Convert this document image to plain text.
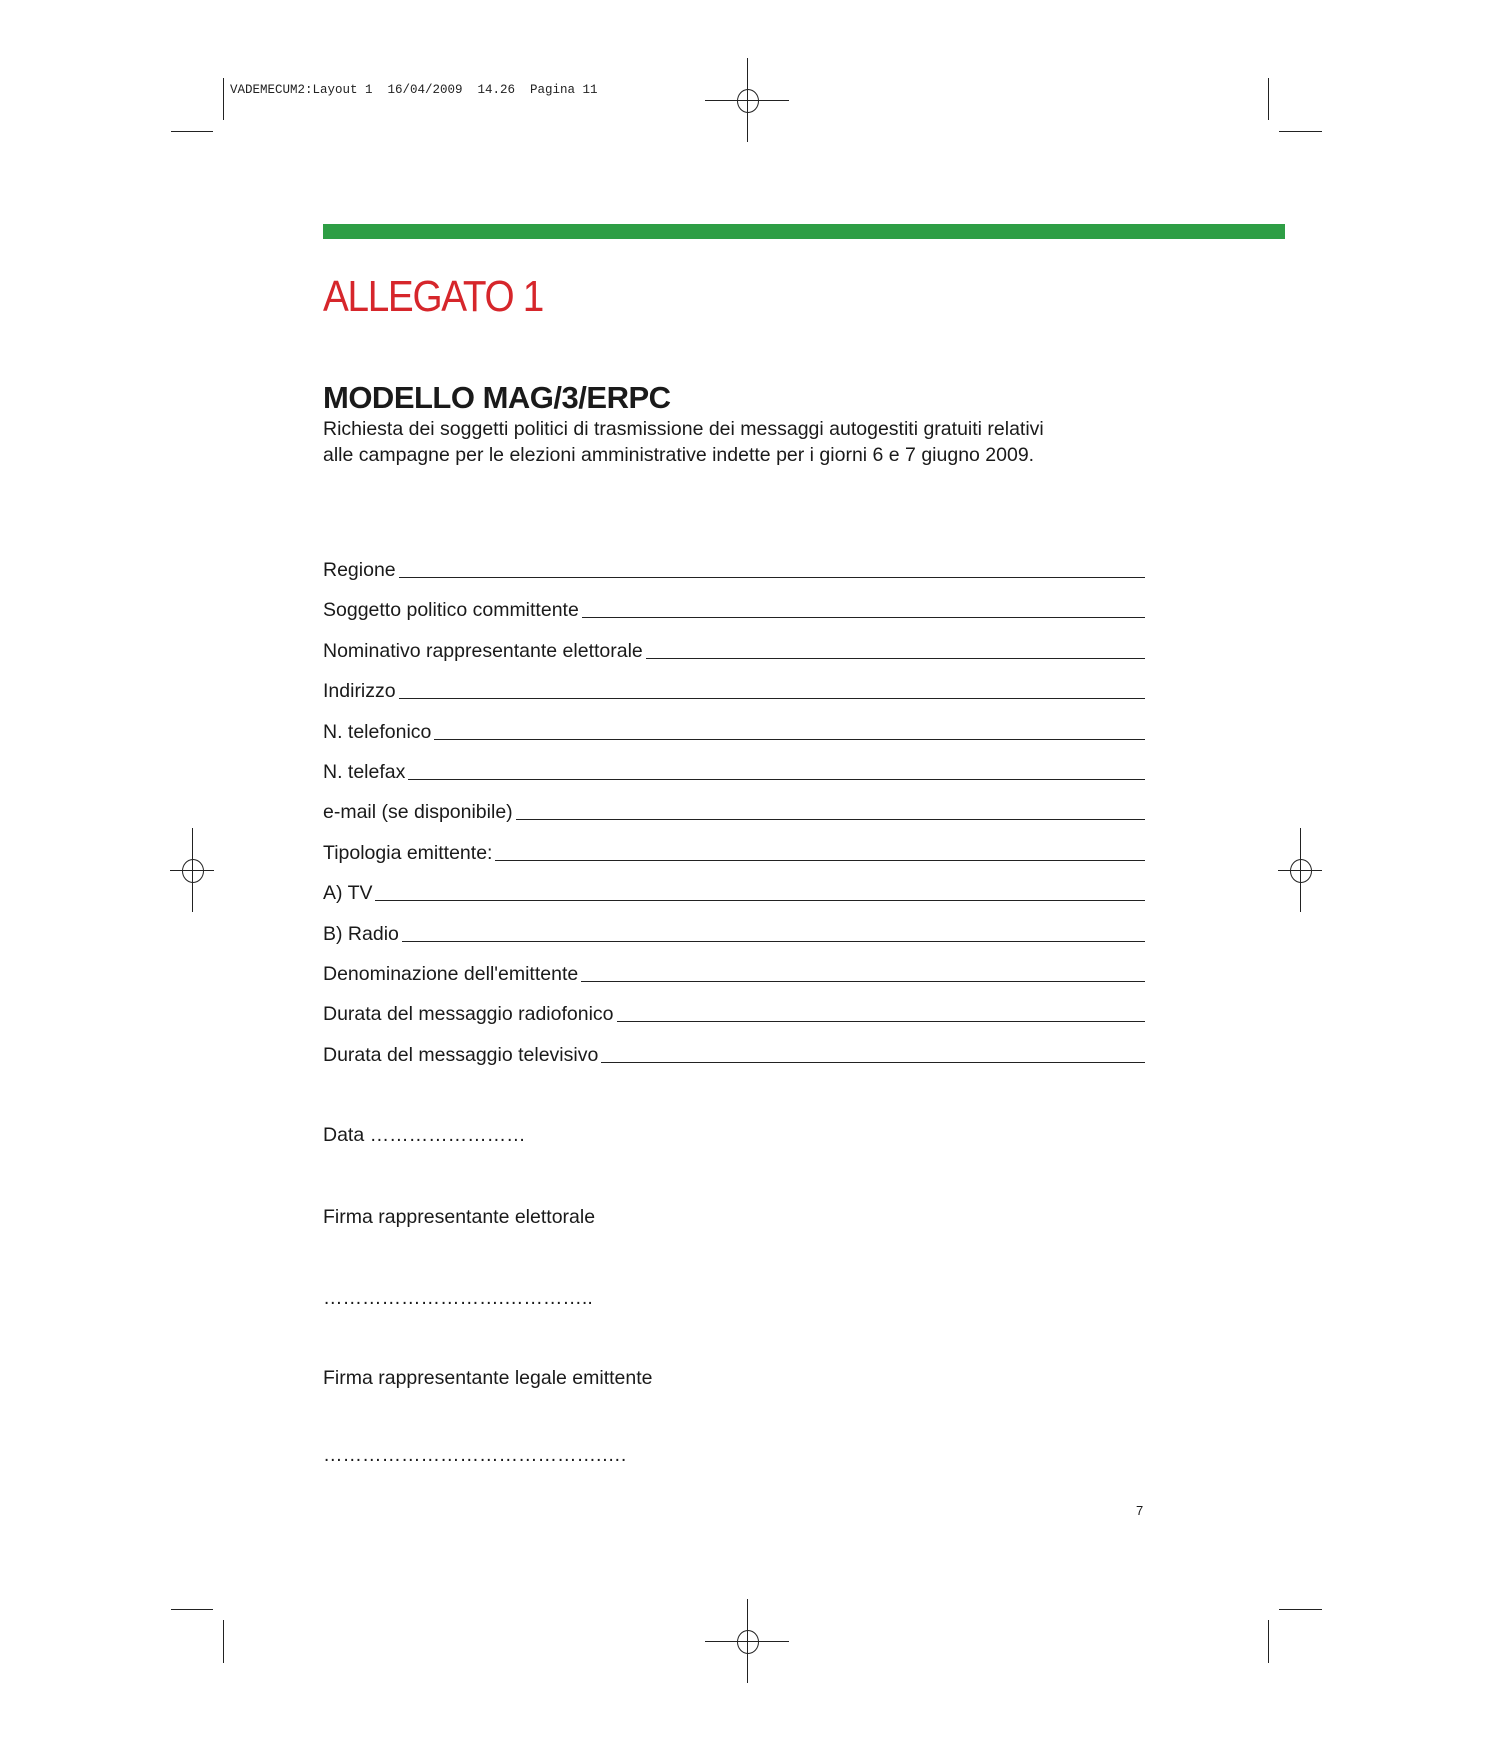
VADEMECUM2:Layout 1  16/04/2009  14.26  Pagina 11
ALLEGATO 1
MODELLO MAG/3/ERPC
Richiesta dei soggetti politici di trasmissione dei messaggi autogestiti gratuiti relativi
alle campagne per le elezioni amministrative indette per i giorni 6 e 7 giugno 2009.
Regione
Soggetto politico committente
Nominativo rappresentante elettorale
Indirizzo
N. telefonico
N. telefax
e-mail (se disponibile)
Tipologia emittente:
A) TV
B) Radio
Denominazione dell'emittente
Durata del messaggio radiofonico
Durata del messaggio televisivo
Data ……………………
Firma rappresentante elettorale
……………………….…………..
Firma rappresentante legale emittente
…………………………………….….
7
